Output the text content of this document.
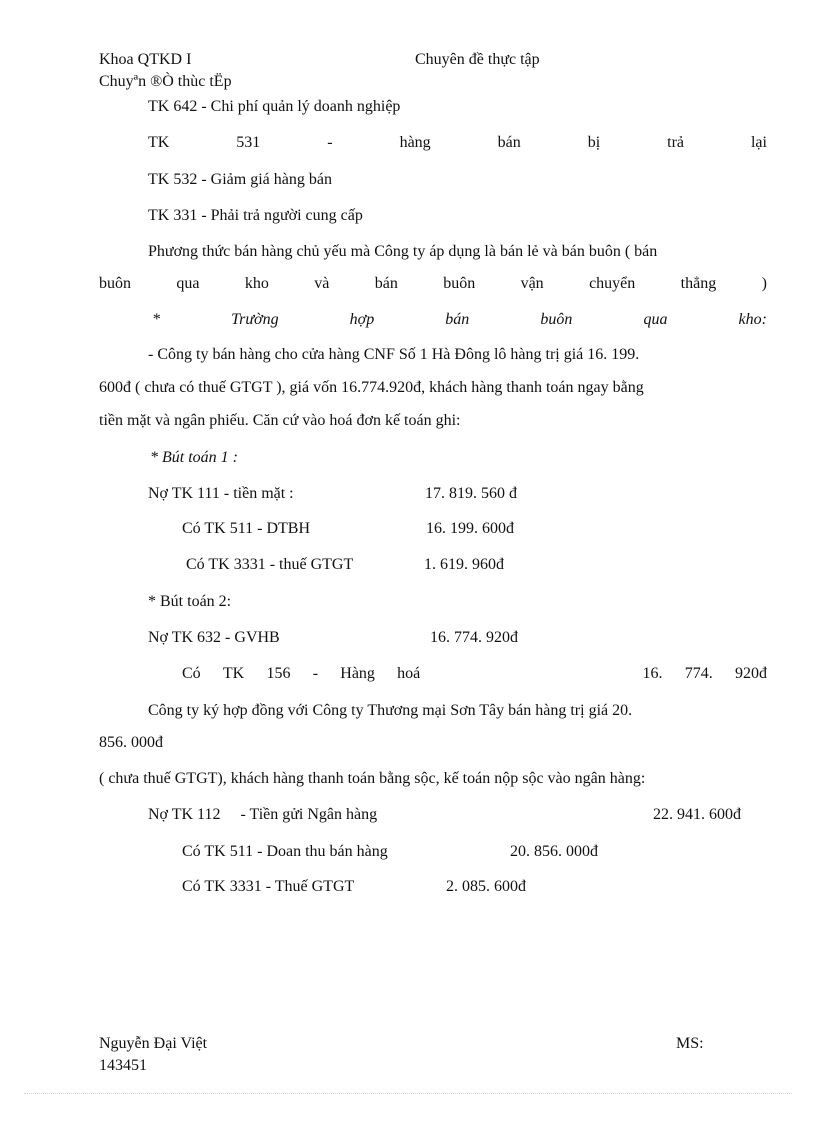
Khoa QTKD I	Chuyên đề thực tập
Chuyªn ®Ò thùc tËp
TK 642 - Chi phí quản lý doanh nghiệp
TK	531	-	hàng	bán	bị	trả	lại
TK 532 - Giảm giá hàng bán
TK 331 - Phải trả người cung cấp
Phương thức bán hàng chủ yếu mà Công ty áp dụng là bán lẻ và bán buôn ( bán
buôn	qua	kho	và	bán	buôn	vận	chuyển	thẳng	)
*	Trường	hợp	bán	buôn	qua	kho:
- Công ty bán hàng cho cửa hàng CNF Số 1 Hà Đông lô hàng trị giá 16. 199.
600đ ( chưa có thuế GTGT ), giá vốn 16.774.920đ, khách hàng thanh toán ngay bằng
tiền mặt và ngân phiếu. Căn cứ vào hoá đơn kế toán ghi:
* Bút toán 1 :
Nợ TK 111 - tiền mặt :	17. 819. 560 đ
Có TK 511 - DTBH	16. 199. 600đ
Có TK 3331 - thuế GTGT	1. 619. 960đ
* Bút toán 2:
Nợ TK 632 - GVHB	16. 774. 920đ
Có TK 156 - Hàng hoá	16. 774. 920đ
Công ty ký hợp đồng với Công ty Thương mại Sơn Tây bán hàng trị giá 20.
856. 000đ
( chưa thuế GTGT), khách hàng thanh toán bằng sộc, kế toán nộp sộc vào ngân hàng:
Nợ TK 112     - Tiền gửi Ngân hàng	22. 941. 600đ
Có TK 511 - Doan thu bán hàng	20. 856. 000đ
Có TK 3331 - Thuế GTGT	2. 085. 600đ
Nguyễn Đại Việt	MS:
143451
